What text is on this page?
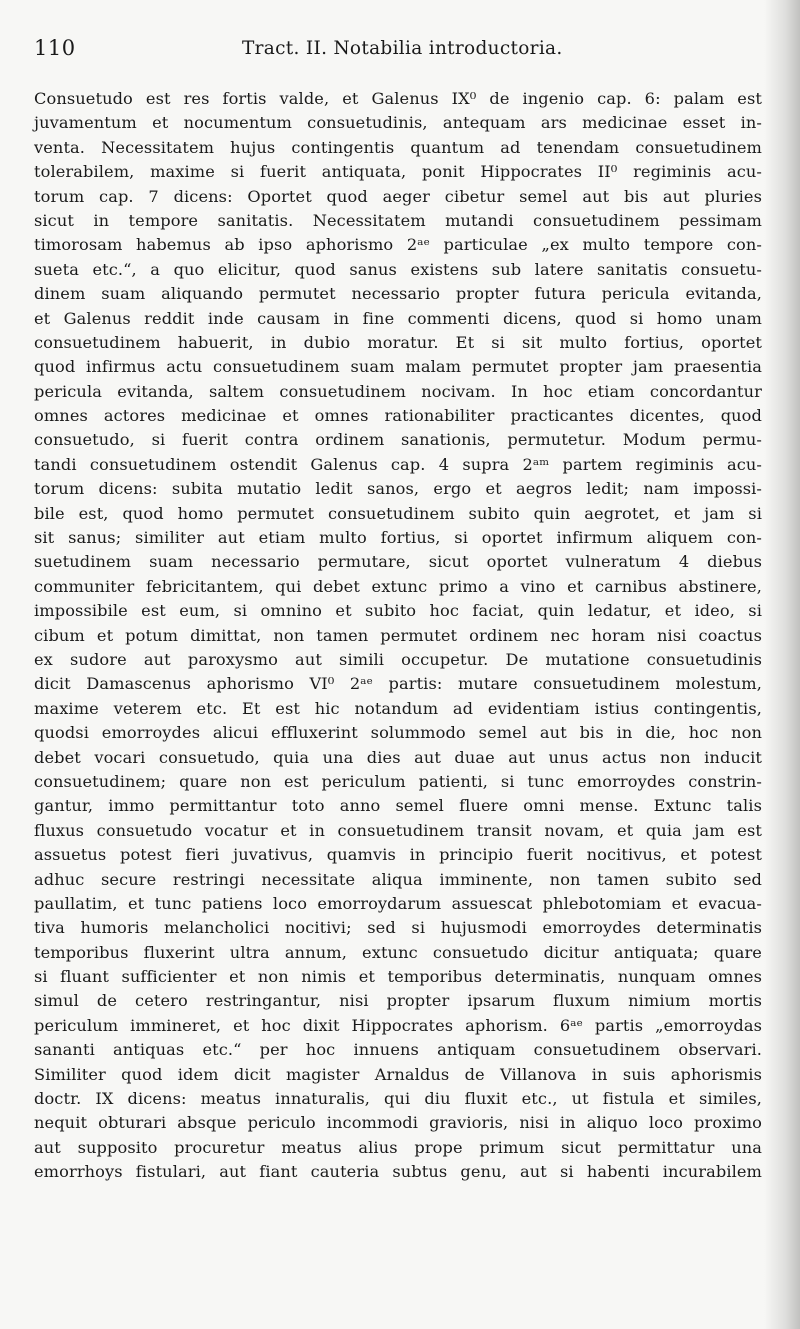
110	Tract. II. Notabilia introductoria.
Consuetudo est res fortis valde, et Galenus IX⁰ de ingenio cap. 6: palam est
juvamentum et nocumentum consuetudinis, antequam ars medicinae esset in-
venta. Necessitatem hujus contingentis quantum ad tenendam consuetudinem
tolerabilem, maxime si fuerit antiquata, ponit Hippocrates II⁰ regiminis acu-
torum cap. 7 dicens: Oportet quod aeger cibetur semel aut bis aut pluries
sicut in tempore sanitatis. Necessitatem mutandi consuetudinem pessimam
timorosam habemus ab ipso aphorismo 2ᵃᵉ particulae „ex multo tempore con-
sueta etc.“, a quo elicitur, quod sanus existens sub latere sanitatis consuetu-
dinem suam aliquando permutet necessario propter futura pericula evitanda,
et Galenus reddit inde causam in fine commenti dicens, quod si homo unam
consuetudinem habuerit, in dubio moratur. Et si sit multo fortius, oportet
quod infirmus actu consuetudinem suam malam permutet propter jam praesentia
pericula evitanda, saltem consuetudinem nocivam. In hoc etiam concordantur
omnes actores medicinae et omnes rationabiliter practicantes dicentes, quod
consuetudo, si fuerit contra ordinem sanationis, permutetur. Modum permu-
tandi consuetudinem ostendit Galenus cap. 4 supra 2ᵃᵐ partem regiminis acu-
torum dicens: subita mutatio ledit sanos, ergo et aegros ledit; nam impossi-
bile est, quod homo permutet consuetudinem subito quin aegrotet, et jam si
sit sanus; similiter aut etiam multo fortius, si oportet infirmum aliquem con-
suetudinem suam necessario permutare, sicut oportet vulneratum 4 diebus
communiter febricitantem, qui debet extunc primo a vino et carnibus abstinere,
impossibile est eum, si omnino et subito hoc faciat, quin ledatur, et ideo, si
cibum et potum dimittat, non tamen permutet ordinem nec horam nisi coactus
ex sudore aut paroxysmo aut simili occupetur. De mutatione consuetudinis
dicit Damascenus aphorismo VI⁰ 2ᵃᵉ partis: mutare consuetudinem molestum,
maxime veterem etc. Et est hic notandum ad evidentiam istius contingentis,
quodsi emorroydes alicui effluxerint solummodo semel aut bis in die, hoc non
debet vocari consuetudo, quia una dies aut duae aut unus actus non inducit
consuetudinem; quare non est periculum patienti, si tunc emorroydes constrin-
gantur, immo permittantur toto anno semel fluere omni mense. Extunc talis
fluxus consuetudo vocatur et in consuetudinem transit novam, et quia jam est
assuetus potest fieri juvativus, quamvis in principio fuerit nocitivus, et potest
adhuc secure restringi necessitate aliqua imminente, non tamen subito sed
paullatim, et tunc patiens loco emorroydarum assuescat phlebotomiam et evacua-
tiva humoris melancholici nocitivi; sed si hujusmodi emorroydes determinatis
temporibus fluxerint ultra annum, extunc consuetudo dicitur antiquata; quare
si fluant sufficienter et non nimis et temporibus determinatis, nunquam omnes
simul de cetero restringantur, nisi propter ipsarum fluxum nimium mortis
periculum immineret, et hoc dixit Hippocrates aphorism. 6ᵃᵉ partis „emorroydas
sananti antiquas etc.“ per hoc innuens antiquam consuetudinem observari.
Similiter quod idem dicit magister Arnaldus de Villanova in suis aphorismis
doctr. IX dicens: meatus innaturalis, qui diu fluxit etc., ut fistula et similes,
nequit obturari absque periculo incommodi gravioris, nisi in aliquo loco proximo
aut supposito procuretur meatus alius prope primum sicut permittatur una
emorrhoys fistulari, aut fiant cauteria subtus genu, aut si habenti incurabilem
